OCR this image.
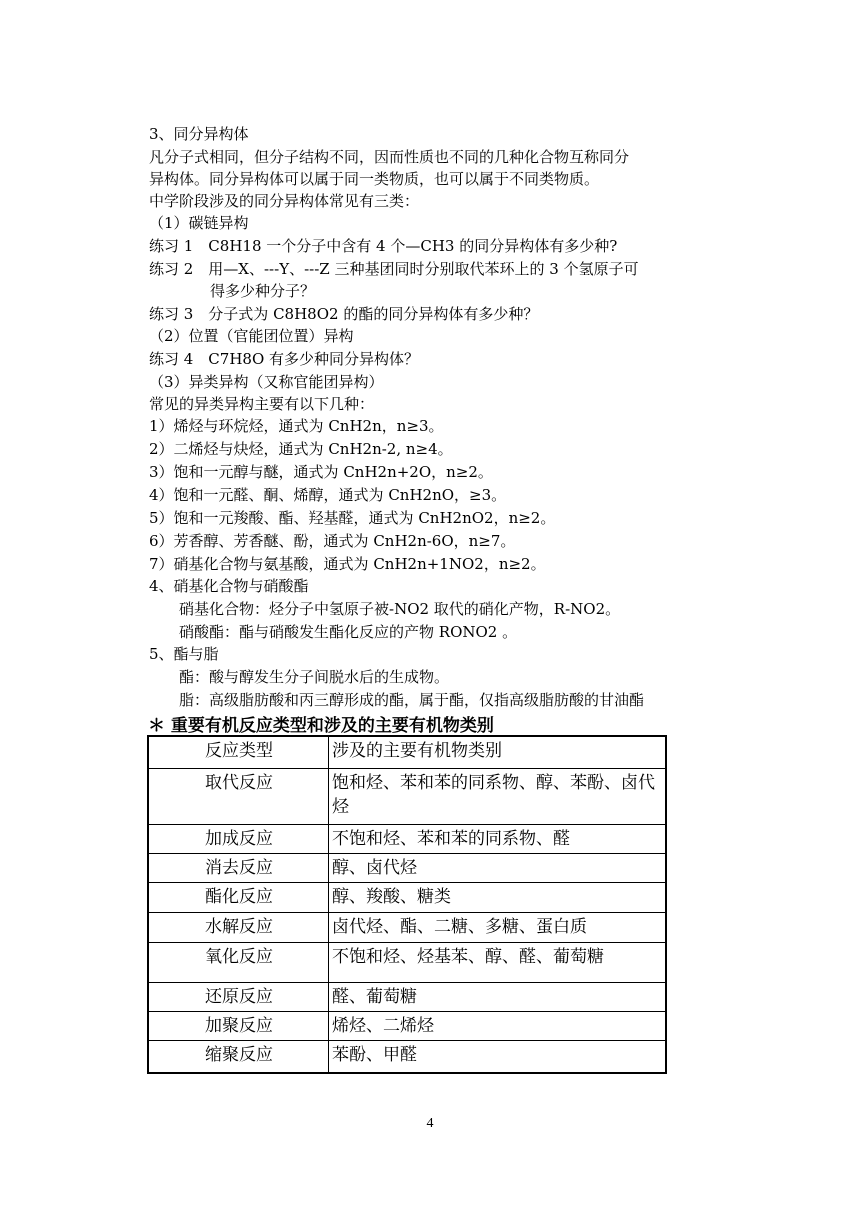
3、同分异构体
凡分子式相同，但分子结构不同，因而性质也不同的几种化合物互称同分
异构体。同分异构体可以属于同一类物质，也可以属于不同类物质。
中学阶段涉及的同分异构体常见有三类：
（1）碳链异构
练习 1　C8H18 一个分子中含有 4 个—CH3 的同分异构体有多少种?
练习 2　用—X、---Y、---Z 三种基团同时分别取代苯环上的 3 个氢原子可
得多少种分子？
练习 3　分子式为 C8H8O2 的酯的同分异构体有多少种？
（2）位置（官能团位置）异构
练习 4　C7H8O 有多少种同分异构体？
（3）异类异构（又称官能团异构）
常见的异类异构主要有以下几种：
1）烯烃与环烷烃，通式为 CnH2n，n≥3。
2）二烯烃与炔烃，通式为 CnH2n-2, n≥4。
3）饱和一元醇与醚，通式为 CnH2n+2O，n≥2。
4）饱和一元醛、酮、烯醇，通式为 CnH2nO，≥3。
5）饱和一元羧酸、酯、羟基醛，通式为 CnH2nO2，n≥2。
6）芳香醇、芳香醚、酚，通式为 CnH2n-6O，n≥7。
7）硝基化合物与氨基酸，通式为 CnH2n+1NO2，n≥2。
4、硝基化合物与硝酸酯
硝基化合物：烃分子中氢原子被-NO2 取代的硝化产物，R-NO2。
硝酸酯：酯与硝酸发生酯化反应的产物 RONO2 。
5、酯与脂
酯：酸与醇发生分子间脱水后的生成物。
脂：高级脂肪酸和丙三醇形成的酯，属于酯，仅指高级脂肪酸的甘油酯
＊ 重要有机反应类型和涉及的主要有机物类别
反应类型	涉及的主要有机物类别
取代反应	饱和烃、苯和苯的同系物、醇、苯酚、卤代烃
加成反应	不饱和烃、苯和苯的同系物、醛
消去反应	醇、卤代烃
酯化反应	醇、羧酸、糖类
水解反应	卤代烃、酯、二糖、多糖、蛋白质
氧化反应	不饱和烃、烃基苯、醇、醛、葡萄糖
还原反应	醛、葡萄糖
加聚反应	烯烃、二烯烃
缩聚反应	苯酚、甲醛
4
